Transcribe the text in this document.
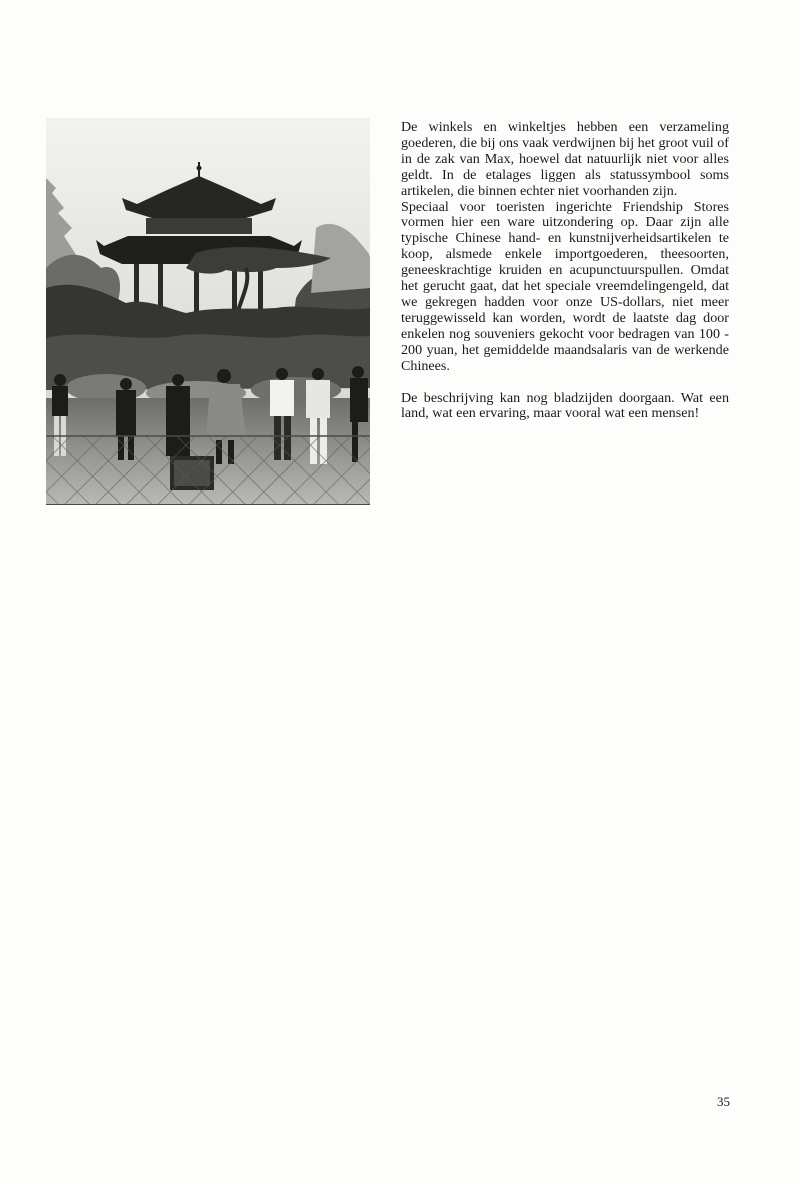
De winkels en winkeltjes hebben een verzameling goederen, die bij ons vaak verdwijnen bij het groot vuil of in de zak van Max, hoewel dat natuurlijk niet voor alles geldt. In de etalages liggen als statussymbool soms artikelen, die binnen echter niet voorhanden zijn.

Speciaal voor toeristen ingerichte Friendship Stores vormen hier een ware uitzondering op. Daar zijn alle typische Chinese hand- en kunstnijverheidsartikelen te koop, alsmede enkele importgoederen, theesoorten, geneeskrachtige kruiden en acupunctuurspullen. Omdat het gerucht gaat, dat het speciale vreemdelingengeld, dat we gekregen hadden voor onze US-dollars, niet meer teruggewisseld kan worden, wordt de laatste dag door enkelen nog souveniers gekocht voor bedragen van 100 - 200 yuan, het gemiddelde maandsalaris van de werkende Chinees.

De beschrijving kan nog bladzijden doorgaan. Wat een land, wat een ervaring, maar vooral wat een mensen!

35
